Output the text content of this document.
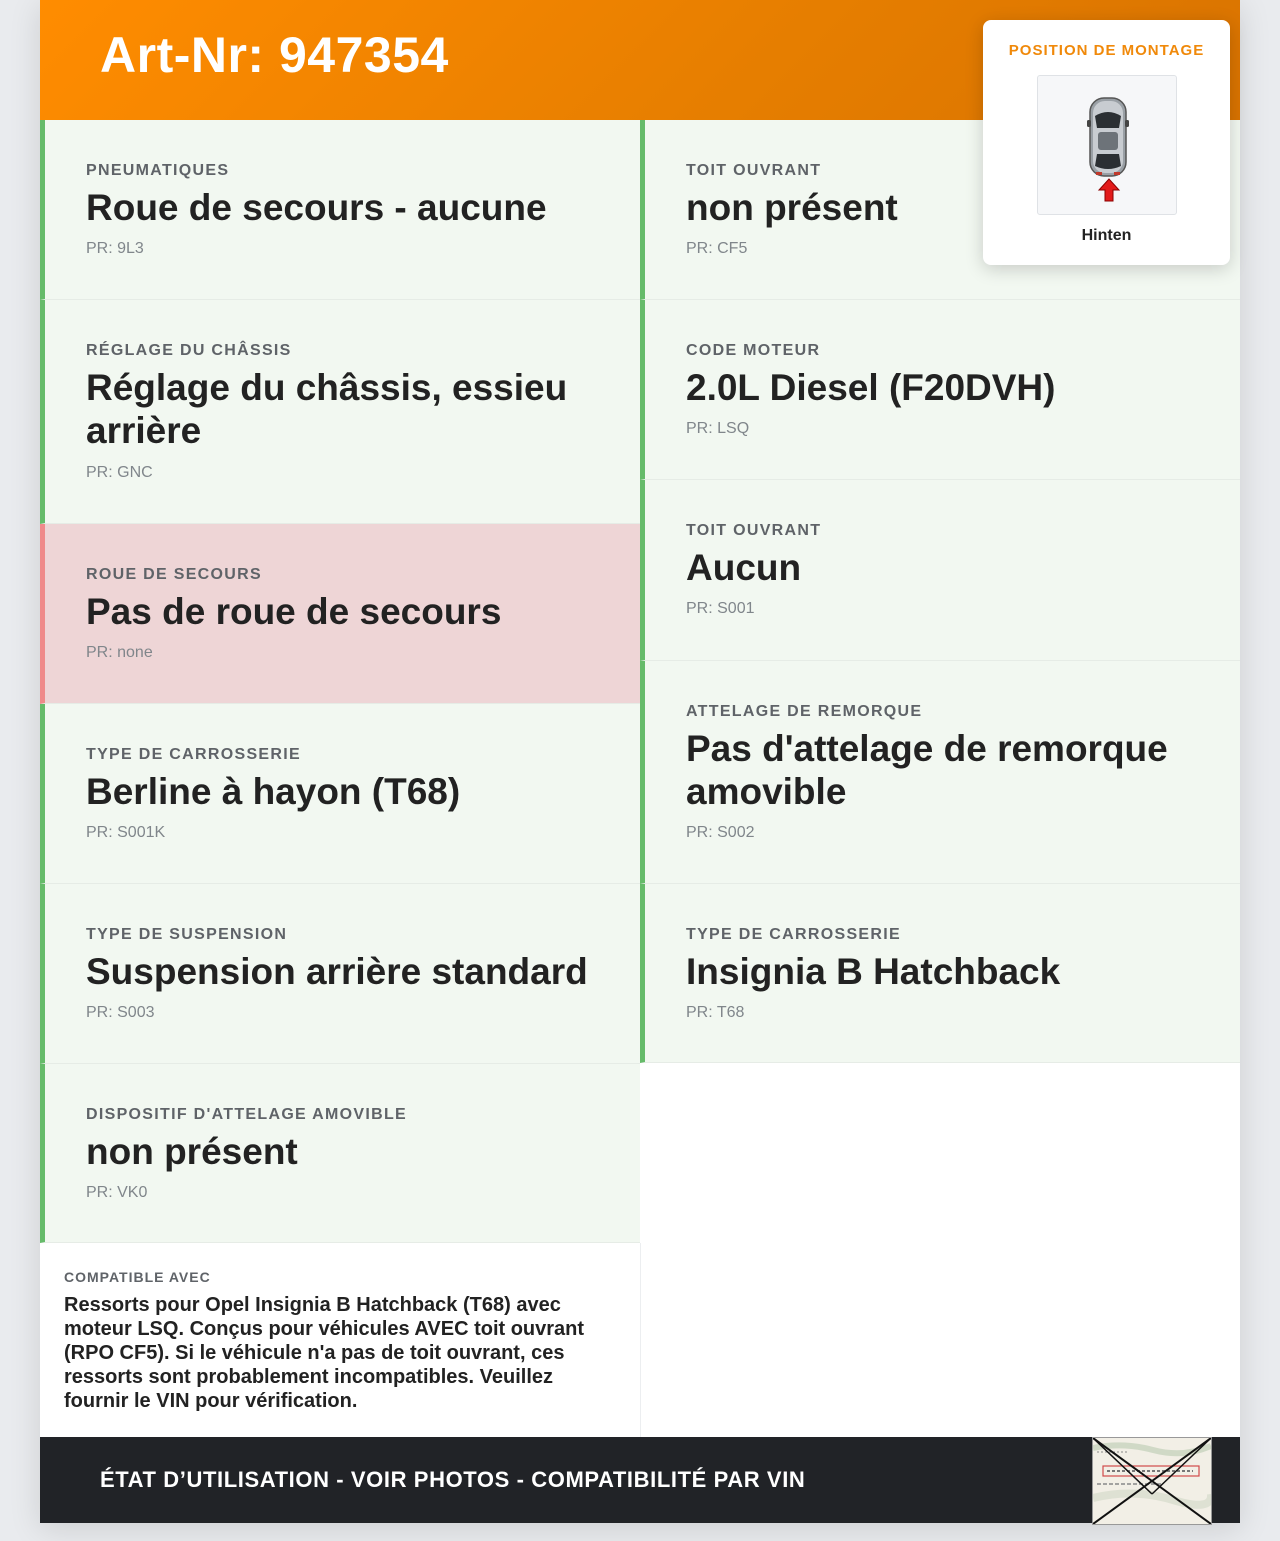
Art-Nr: 947354	POSITION DE MONTAGE
Hinten
PNEUMATIQUES
Roue de secours - aucune
PR: 9L3
RÉGLAGE DU CHÂSSIS
Réglage du châssis, essieu arrière
PR: GNC
ROUE DE SECOURS
Pas de roue de secours
PR: none
TYPE DE CARROSSERIE
Berline à hayon (T68)
PR: S001K
TYPE DE SUSPENSION
Suspension arrière standard
PR: S003
DISPOSITIF D'ATTELAGE AMOVIBLE
non présent
PR: VK0
TOIT OUVRANT
non présent
PR: CF5
CODE MOTEUR
2.0L Diesel (F20DVH)
PR: LSQ
TOIT OUVRANT
Aucun
PR: S001
ATTELAGE DE REMORQUE
Pas d'attelage de remorque amovible
PR: S002
TYPE DE CARROSSERIE
Insignia B Hatchback
PR: T68
COMPATIBLE AVEC
Ressorts pour Opel Insignia B Hatchback (T68) avec moteur LSQ. Conçus pour véhicules AVEC toit ouvrant (RPO CF5). Si le véhicule n'a pas de toit ouvrant, ces ressorts sont probablement incompatibles. Veuillez fournir le VIN pour vérification.
ÉTAT D’UTILISATION - VOIR PHOTOS - COMPATIBILITÉ PAR VIN
